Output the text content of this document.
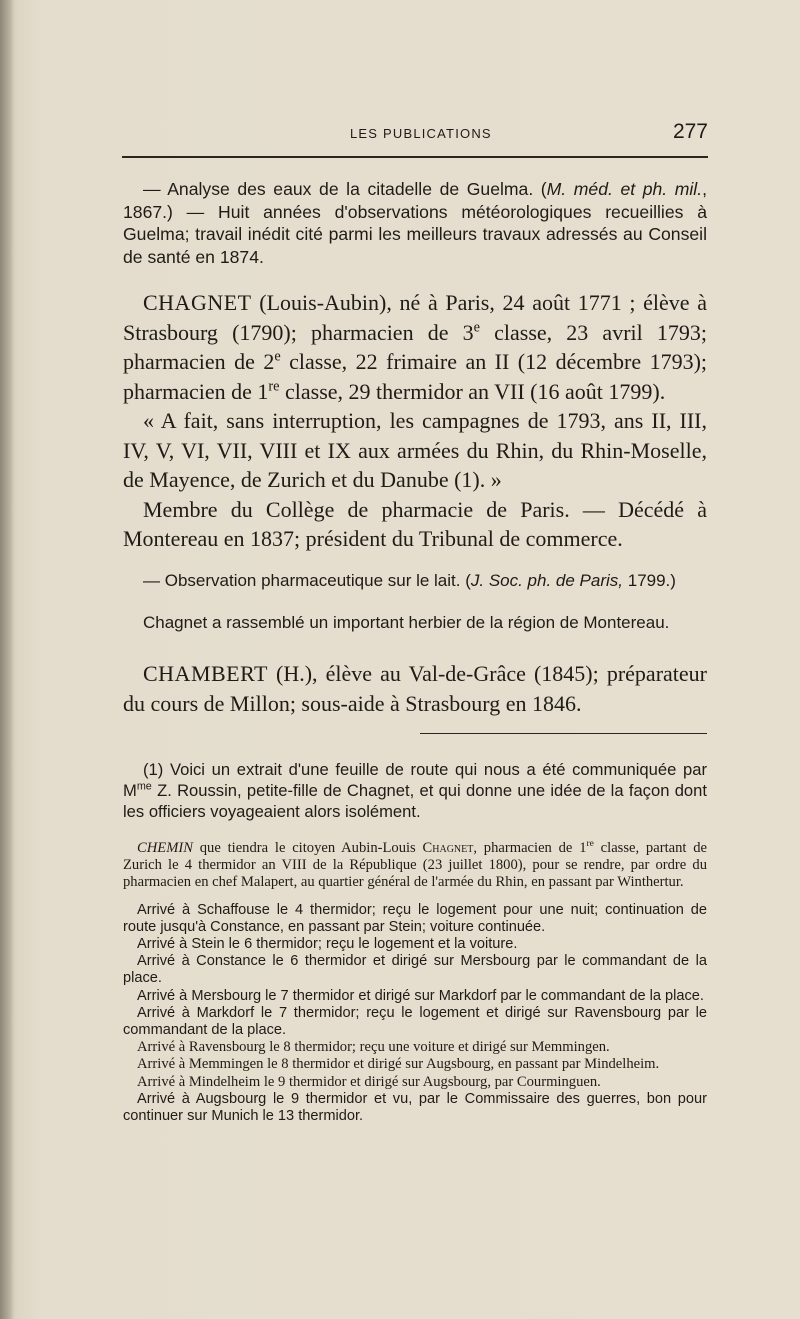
LES PUBLICATIONS	277

— Analyse des eaux de la citadelle de Guelma. (M. méd. et ph. mil., 1867.) — Huit années d'observations météorologiques recueillies à Guelma; travail inédit cité parmi les meilleurs travaux adressés au Conseil de santé en 1874.

CHAGNET (Louis-Aubin), né à Paris, 24 août 1771 ; élève à Strasbourg (1790); pharmacien de 3e classe, 23 avril 1793; pharmacien de 2e classe, 22 frimaire an II (12 décembre 1793); pharmacien de 1re classe, 29 thermidor an VII (16 août 1799).

« A fait, sans interruption, les campagnes de 1793, ans II, III, IV, V, VI, VII, VIII et IX aux armées du Rhin, du Rhin-Moselle, de Mayence, de Zurich et du Danube (1). »

Membre du Collège de pharmacie de Paris. — Décédé à Montereau en 1837; président du Tribunal de commerce.

— Observation pharmaceutique sur le lait. (J. Soc. ph. de Paris, 1799.)

Chagnet a rassemblé un important herbier de la région de Montereau.

CHAMBERT (H.), élève au Val-de-Grâce (1845); préparateur du cours de Millon; sous-aide à Strasbourg en 1846.

(1) Voici un extrait d'une feuille de route qui nous a été communiquée par $M^{me}$ Z. Roussin, petite-fille de Chagnet, et qui donne une idée de la façon dont les officiers voyageaient alors isolément.

CHEMIN que tiendra le citoyen Aubin-Louis Chagnet, pharmacien de 1re classe, partant de Zurich le 4 thermidor an VIII de la République (23 juillet 1800), pour se rendre, par ordre du pharmacien en chef Malapert, au quartier général de l'armée du Rhin, en passant par Winthertur.

Arrivé à Schaffouse le 4 thermidor; reçu le logement pour une nuit; continuation de route jusqu'à Constance, en passant par Stein; voiture continuée.

Arrivé à Stein le 6 thermidor; reçu le logement et la voiture.

Arrivé à Constance le 6 thermidor et dirigé sur Mersbourg par le commandant de la place.

Arrivé à Mersbourg le 7 thermidor et dirigé sur Markdorf par le commandant de la place.

Arrivé à Markdorf le 7 thermidor; reçu le logement et dirigé sur Ravensbourg par le commandant de la place.

Arrivé à Ravensbourg le 8 thermidor; reçu une voiture et dirigé sur Memmingen.

Arrivé à Memmingen le 8 thermidor et dirigé sur Augsbourg, en passant par Mindelheim.

Arrivé à Mindelheim le 9 thermidor et dirigé sur Augsbourg, par Courminguen.

Arrivé à Augsbourg le 9 thermidor et vu, par le Commissaire des guerres, bon pour continuer sur Munich le 13 thermidor.
